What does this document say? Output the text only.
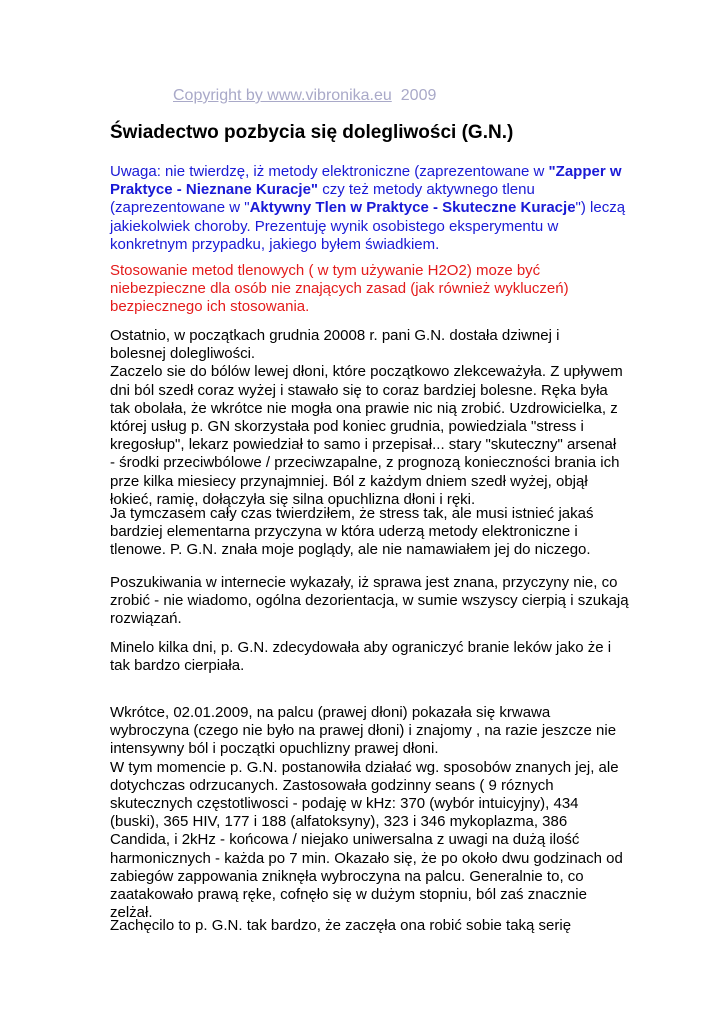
Copyright by www.vibronika.eu 2009
Świadectwo pozbycia się dolegliwości (G.N.)
Uwaga: nie twierdzę, iż metody elektroniczne (zaprezentowane w "Zapper w
Praktyce - Nieznane Kuracje" czy też metody aktywnego tlenu
(zaprezentowane w "Aktywny Tlen w Praktyce - Skuteczne Kuracje") leczą
jakiekolwiek choroby. Prezentuję wynik osobistego eksperymentu w
konkretnym przypadku, jakiego byłem świadkiem.
Stosowanie metod tlenowych ( w tym używanie H2O2) moze być
niebezpieczne dla osób nie znających zasad (jak również wykluczeń)
bezpiecznego ich stosowania.
Ostatnio, w początkach grudnia 20008 r. pani G.N. dostała dziwnej i
bolesnej dolegliwości.
Zaczelo sie do bólów lewej dłoni, które początkowo zlekceważyła. Z upływem
dni ból szedł coraz wyżej i stawało się to coraz bardziej bolesne. Ręka była
tak obolała, że wkrótce nie mogła ona prawie nic nią zrobić. Uzdrowicielka, z
której usług p. GN skorzystała pod koniec grudnia, powiedziala "stress i
kregosłup", lekarz powiedział to samo i przepisał... stary "skuteczny" arsenał
- środki przeciwbólowe / przeciwzapalne, z prognozą konieczności brania ich
prze kilka miesiecy przynajmniej. Ból z każdym dniem szedł wyżej, objął
łokieć, ramię, dołączyła się silna opuchlizna dłoni i ręki.
Ja tymczasem cały czas twierdziłem, że stress tak, ale musi istnieć jakaś
bardziej elementarna przyczyna w która uderzą metody elektroniczne i
tlenowe. P. G.N. znała moje poglądy, ale nie namawiałem jej do niczego.
Poszukiwania w internecie wykazały, iż sprawa jest znana, przyczyny nie, co
zrobić - nie wiadomo, ogólna dezorientacja, w sumie wszyscy cierpią i szukają
rozwiązań.
Minelo kilka dni, p. G.N. zdecydowała aby ograniczyć branie leków jako że i
tak bardzo cierpiała.
Wkrótce, 02.01.2009, na palcu (prawej dłoni) pokazała się krwawa
wybroczyna (czego nie było na prawej dłoni) i znajomy , na razie jeszcze nie
intensywny ból i początki opuchlizny prawej dłoni.
W tym momencie p. G.N. postanowiła działać wg. sposobów znanych jej, ale
dotychczas odrzucanych. Zastosowała godzinny seans ( 9 róznych
skutecznych częstotliwosci - podaję w kHz: 370 (wybór intuicyjny), 434
(buski), 365 HIV, 177 i 188 (alfatoksyny), 323 i 346 mykoplazma, 386
Candida, i 2kHz - końcowa / niejako uniwersalna z uwagi na dużą ilość
harmonicznych - każda po 7 min. Okazało się, że po około dwu godzinach od
zabiegów zappowania zniknęła wybroczyna na palcu. Generalnie to, co
zaatakowało prawą ręke, cofnęło się w dużym stopniu, ból zaś znacznie
zelżał.
Zachęcilo to p. G.N. tak bardzo, że zaczęła ona robić sobie taką serię
